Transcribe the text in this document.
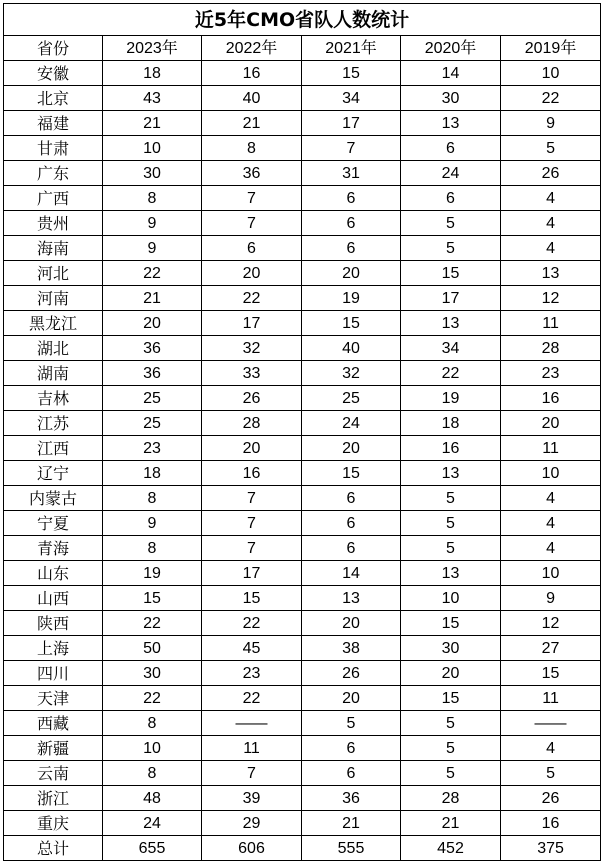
近5年CMO省队人数统计					
省份	2023年	2022年	2021年	2020年	2019年
安徽	18	16	15	14	10
北京	43	40	34	30	22
福建	21	21	17	13	9
甘肃	10	8	7	6	5
广东	30	36	31	24	26
广西	8	7	6	6	4
贵州	9	7	6	5	4
海南	9	6	6	5	4
河北	22	20	20	15	13
河南	21	22	19	17	12
黑龙江	20	17	15	13	11
湖北	36	32	40	34	28
湖南	36	33	32	22	23
吉林	25	26	25	19	16
江苏	25	28	24	18	20
江西	23	20	20	16	11
辽宁	18	16	15	13	10
内蒙古	8	7	6	5	4
宁夏	9	7	6	5	4
青海	8	7	6	5	4
山东	19	17	14	13	10
山西	15	15	13	10	9
陕西	22	22	20	15	12
上海	50	45	38	30	27
四川	30	23	26	20	15
天津	22	22	20	15	11
西藏	8	——	5	5	——
新疆	10	11	6	5	4
云南	8	7	6	5	5
浙江	48	39	36	28	26
重庆	24	29	21	21	16
总计	655	606	555	452	375
